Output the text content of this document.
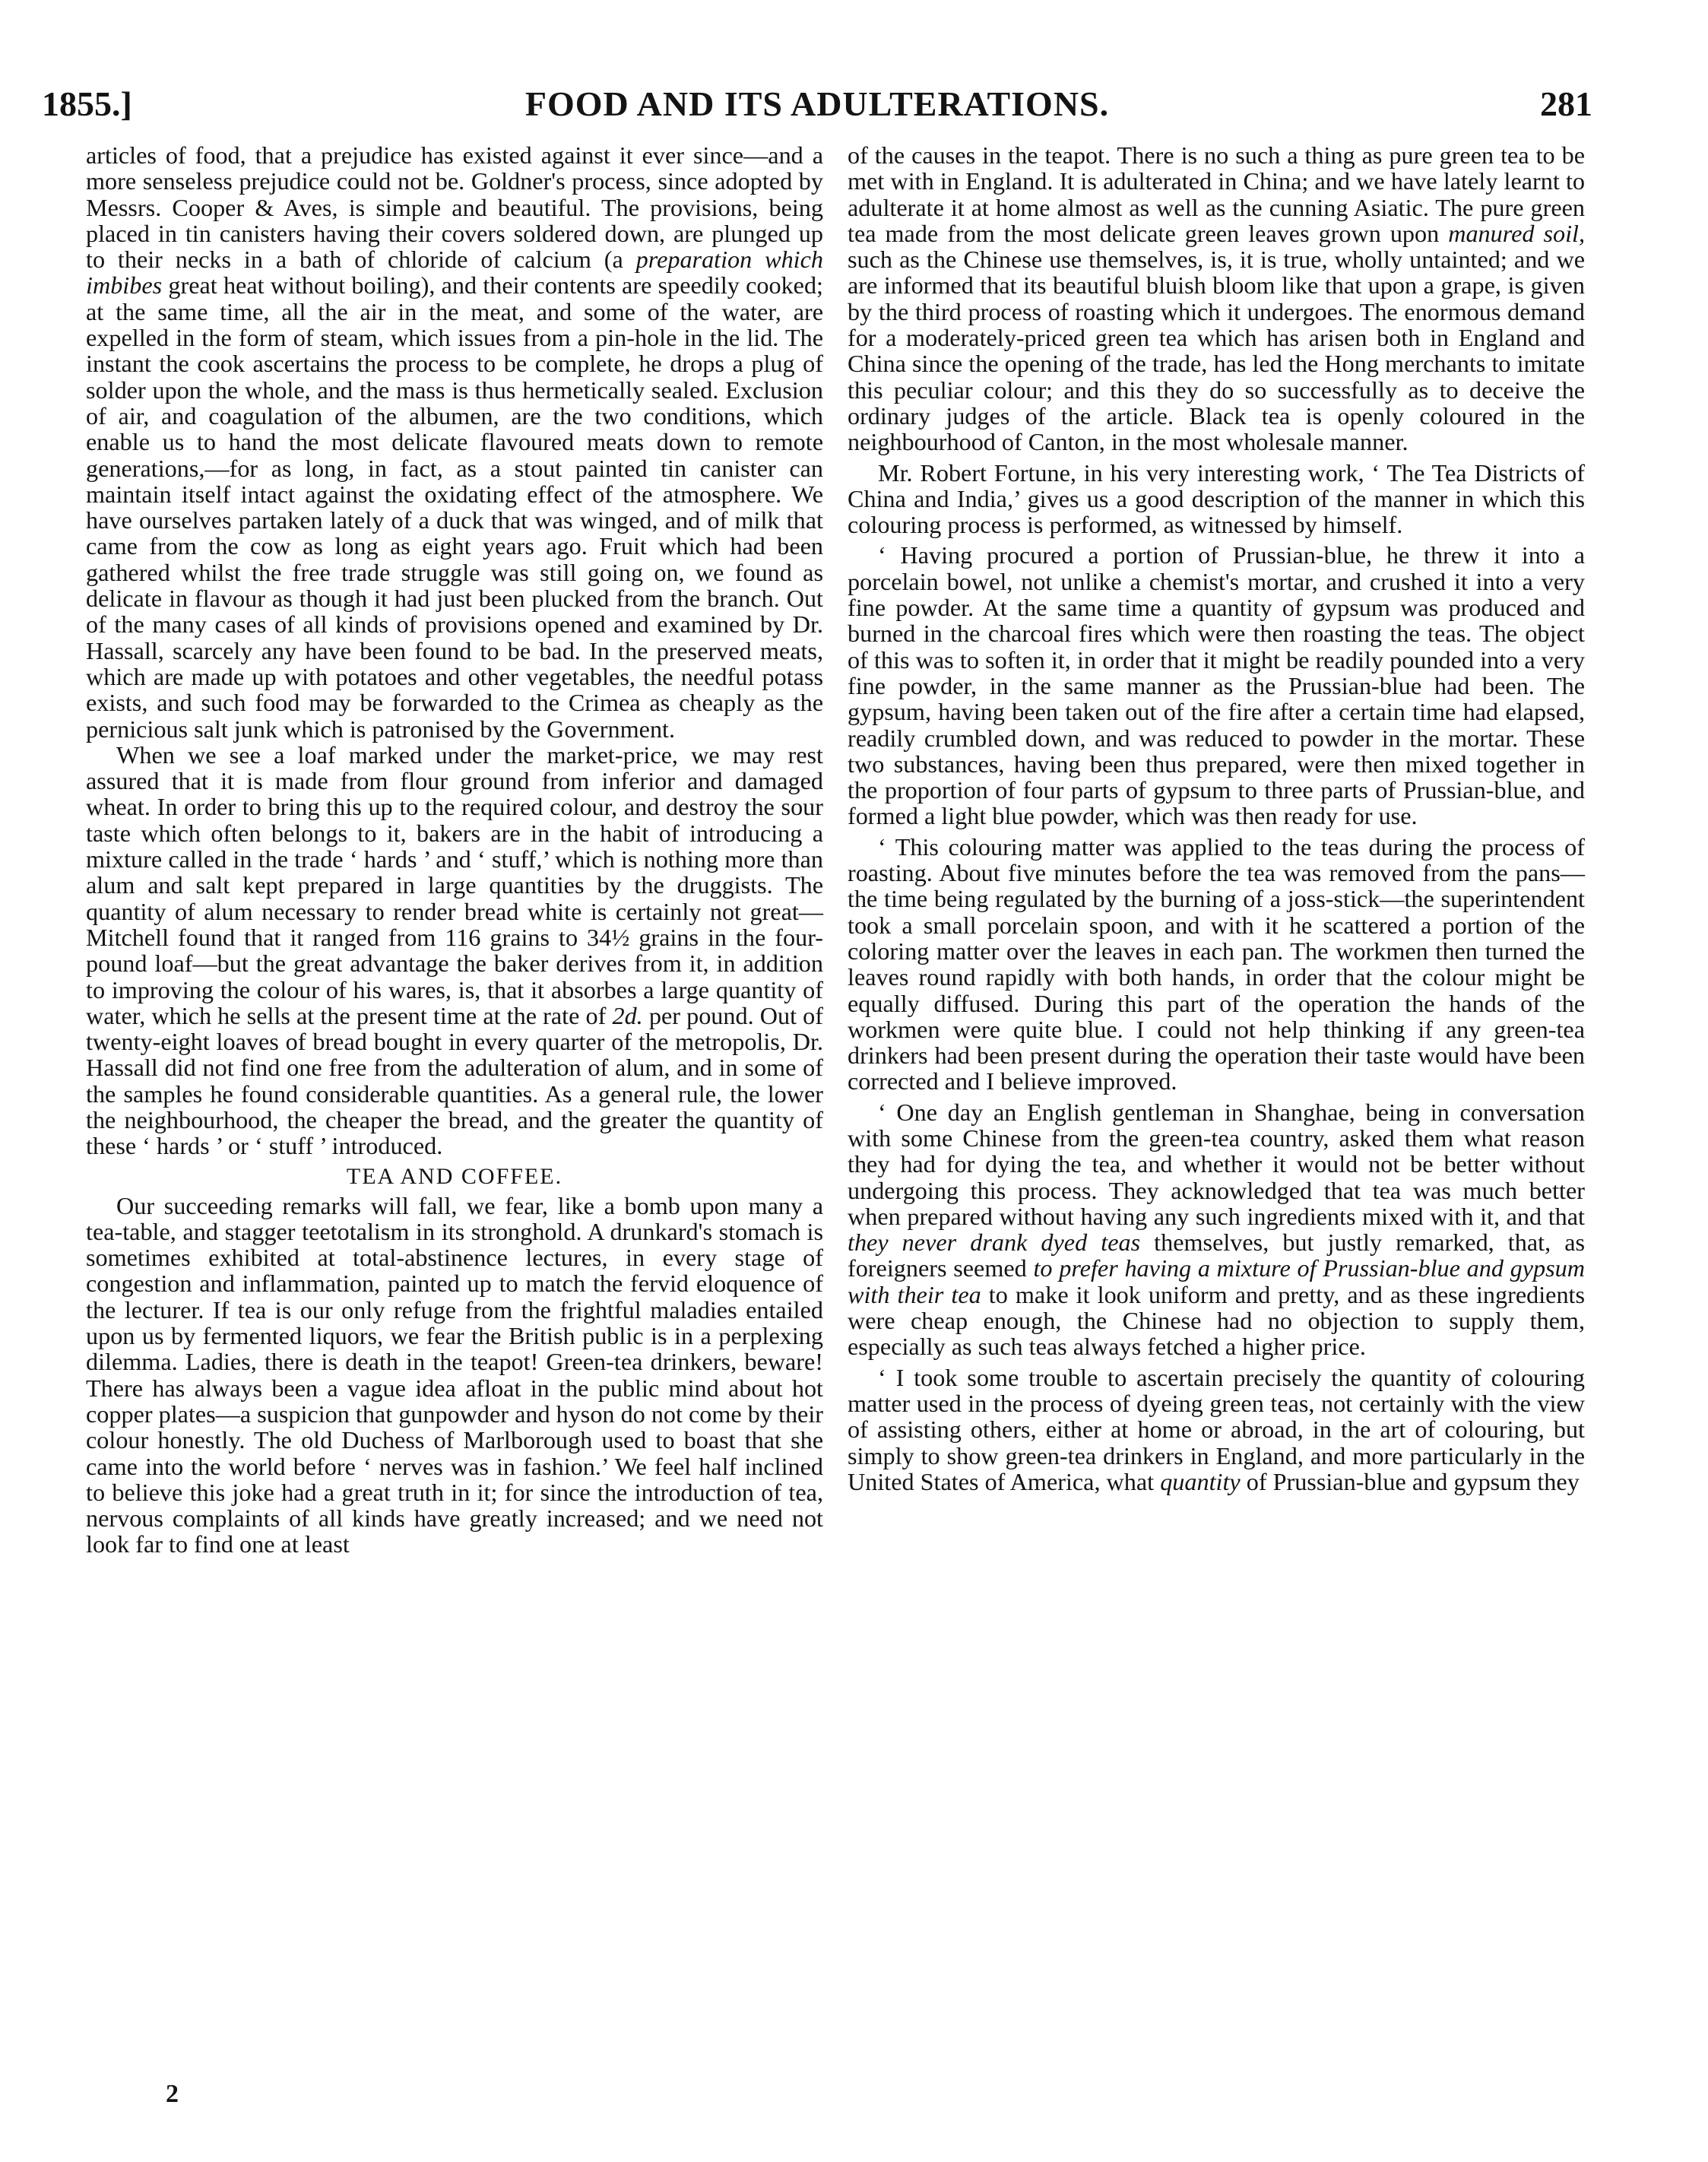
1855.]	FOOD AND ITS ADULTERATIONS.	281

articles of food, that a prejudice has existed against it ever since—and a more senseless prejudice could not be. Goldner's process, since adopted by Messrs. Cooper & Aves, is simple and beautiful. The provisions, being placed in tin canisters having their covers soldered down, are plunged up to their necks in a bath of chloride of calcium (a preparation which imbibes great heat without boiling), and their contents are speedily cooked; at the same time, all the air in the meat, and some of the water, are expelled in the form of steam, which issues from a pin-hole in the lid. The instant the cook ascertains the process to be complete, he drops a plug of solder upon the whole, and the mass is thus hermetically sealed. Exclusion of air, and coagulation of the albumen, are the two conditions, which enable us to hand the most delicate flavoured meats down to remote generations,—for as long, in fact, as a stout painted tin canister can maintain itself intact against the oxidating effect of the atmosphere. We have ourselves partaken lately of a duck that was winged, and of milk that came from the cow as long as eight years ago. Fruit which had been gathered whilst the free trade struggle was still going on, we found as delicate in flavour as though it had just been plucked from the branch. Out of the many cases of all kinds of provisions opened and examined by Dr. Hassall, scarcely any have been found to be bad. In the preserved meats, which are made up with potatoes and other vegetables, the needful potass exists, and such food may be forwarded to the Crimea as cheaply as the pernicious salt junk which is patronised by the Government.

When we see a loaf marked under the market-price, we may rest assured that it is made from flour ground from inferior and damaged wheat. In order to bring this up to the required colour, and destroy the sour taste which often belongs to it, bakers are in the habit of introducing a mixture called in the trade ‘ hards ’ and ‘ stuff,’ which is nothing more than alum and salt kept prepared in large quantities by the druggists. The quantity of alum necessary to render bread white is certainly not great—Mitchell found that it ranged from 116 grains to 34½ grains in the four-pound loaf—but the great advantage the baker derives from it, in addition to improving the colour of his wares, is, that it absorbes a large quantity of water, which he sells at the present time at the rate of 2d. per pound. Out of twenty-eight loaves of bread bought in every quarter of the metropolis, Dr. Hassall did not find one free from the adulteration of alum, and in some of the samples he found considerable quantities. As a general rule, the lower the neighbourhood, the cheaper the bread, and the greater the quantity of these ‘ hards ’ or ‘ stuff ’ introduced.

TEA AND COFFEE.

Our succeeding remarks will fall, we fear, like a bomb upon many a tea-table, and stagger teetotalism in its stronghold. A drunkard's stomach is sometimes exhibited at total-abstinence lectures, in every stage of congestion and inflammation, painted up to match the fervid eloquence of the lecturer. If tea is our only refuge from the frightful maladies entailed upon us by fermented liquors, we fear the British public is in a perplexing dilemma. Ladies, there is death in the teapot! Green-tea drinkers, beware! There has always been a vague idea afloat in the public mind about hot copper plates—a suspicion that gunpowder and hyson do not come by their colour honestly. The old Duchess of Marlborough used to boast that she came into the world before ‘ nerves was in fashion.’ We feel half inclined to believe this joke had a great truth in it; for since the introduction of tea, nervous complaints of all kinds have greatly increased; and we need not look far to find one at least

2

of the causes in the teapot. There is no such a thing as pure green tea to be met with in England. It is adulterated in China; and we have lately learnt to adulterate it at home almost as well as the cunning Asiatic. The pure green tea made from the most delicate green leaves grown upon manured soil, such as the Chinese use themselves, is, it is true, wholly untainted; and we are informed that its beautiful bluish bloom like that upon a grape, is given by the third process of roasting which it undergoes. The enormous demand for a moderately-priced green tea which has arisen both in England and China since the opening of the trade, has led the Hong merchants to imitate this peculiar colour; and this they do so successfully as to deceive the ordinary judges of the article. Black tea is openly coloured in the neighbourhood of Canton, in the most wholesale manner.

Mr. Robert Fortune, in his very interesting work, ‘ The Tea Districts of China and India,’ gives us a good description of the manner in which this colouring process is performed, as witnessed by himself.

‘ Having procured a portion of Prussian-blue, he threw it into a porcelain bowel, not unlike a chemist's mortar, and crushed it into a very fine powder. At the same time a quantity of gypsum was produced and burned in the charcoal fires which were then roasting the teas. The object of this was to soften it, in order that it might be readily pounded into a very fine powder, in the same manner as the Prussian-blue had been. The gypsum, having been taken out of the fire after a certain time had elapsed, readily crumbled down, and was reduced to powder in the mortar. These two substances, having been thus prepared, were then mixed together in the proportion of four parts of gypsum to three parts of Prussian-blue, and formed a light blue powder, which was then ready for use.

‘ This colouring matter was applied to the teas during the process of roasting. About five minutes before the tea was removed from the pans—the time being regulated by the burning of a joss-stick—the superintendent took a small porcelain spoon, and with it he scattered a portion of the coloring matter over the leaves in each pan. The workmen then turned the leaves round rapidly with both hands, in order that the colour might be equally diffused. During this part of the operation the hands of the workmen were quite blue. I could not help thinking if any green-tea drinkers had been present during the operation their taste would have been corrected and I believe improved.

‘ One day an English gentleman in Shanghae, being in conversation with some Chinese from the green-tea country, asked them what reason they had for dying the tea, and whether it would not be better without undergoing this process. They acknowledged that tea was much better when prepared without having any such ingredients mixed with it, and that they never drank dyed teas themselves, but justly remarked, that, as foreigners seemed to prefer having a mixture of Prussian-blue and gypsum with their tea to make it look uniform and pretty, and as these ingredients were cheap enough, the Chinese had no objection to supply them, especially as such teas always fetched a higher price.

‘ I took some trouble to ascertain precisely the quantity of colouring matter used in the process of dyeing green teas, not certainly with the view of assisting others, either at home or abroad, in the art of colouring, but simply to show green-tea drinkers in England, and more particularly in the United States of America, what quantity of Prussian-blue and gypsum they
